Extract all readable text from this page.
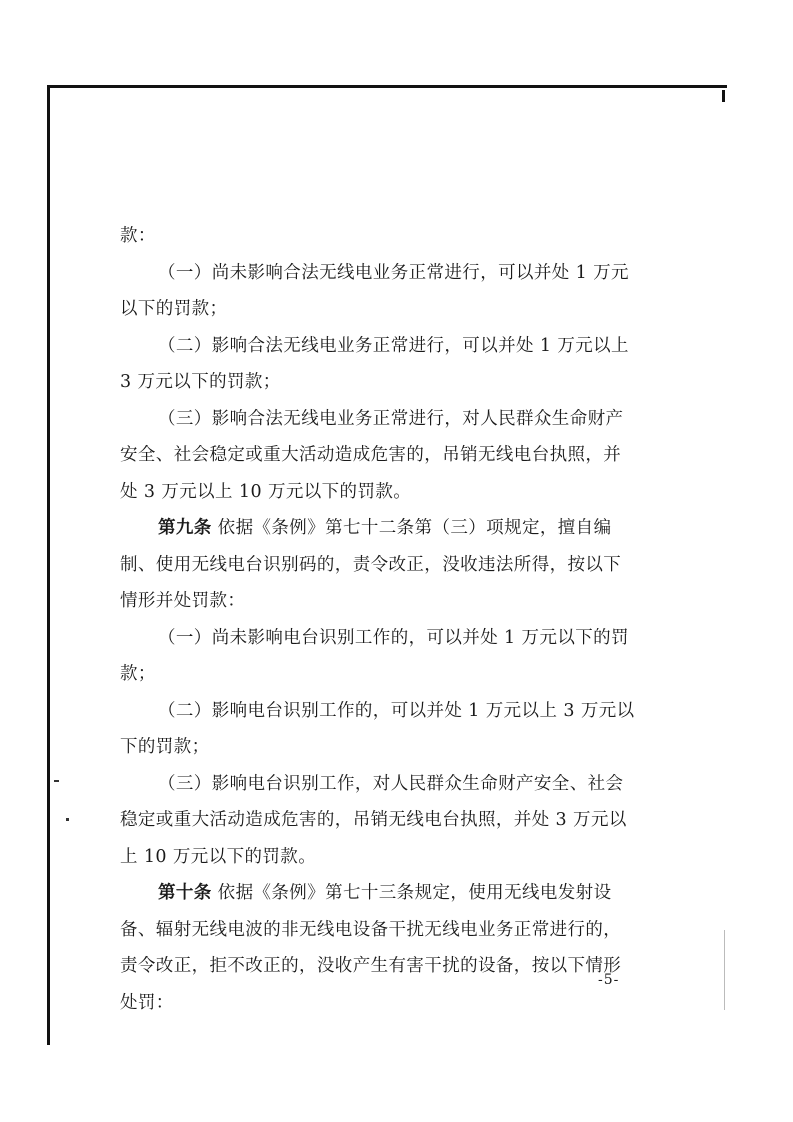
款：
（一）尚未影响合法无线电业务正常进行，可以并处 1 万元
以下的罚款；
（二）影响合法无线电业务正常进行，可以并处 1 万元以上
3 万元以下的罚款；
（三）影响合法无线电业务正常进行，对人民群众生命财产
安全、社会稳定或重大活动造成危害的，吊销无线电台执照，并
处 3 万元以上 10 万元以下的罚款。
第九条 依据《条例》第七十二条第（三）项规定，擅自编
制、使用无线电台识别码的，责令改正，没收违法所得，按以下
情形并处罚款：
（一）尚未影响电台识别工作的，可以并处 1 万元以下的罚
款；
（二）影响电台识别工作的，可以并处 1 万元以上 3 万元以
下的罚款；
（三）影响电台识别工作，对人民群众生命财产安全、社会
稳定或重大活动造成危害的，吊销无线电台执照，并处 3 万元以
上 10 万元以下的罚款。
第十条 依据《条例》第七十三条规定，使用无线电发射设
备、辐射无线电波的非无线电设备干扰无线电业务正常进行的，
责令改正，拒不改正的，没收产生有害干扰的设备，按以下情形
处罚：
-5-
